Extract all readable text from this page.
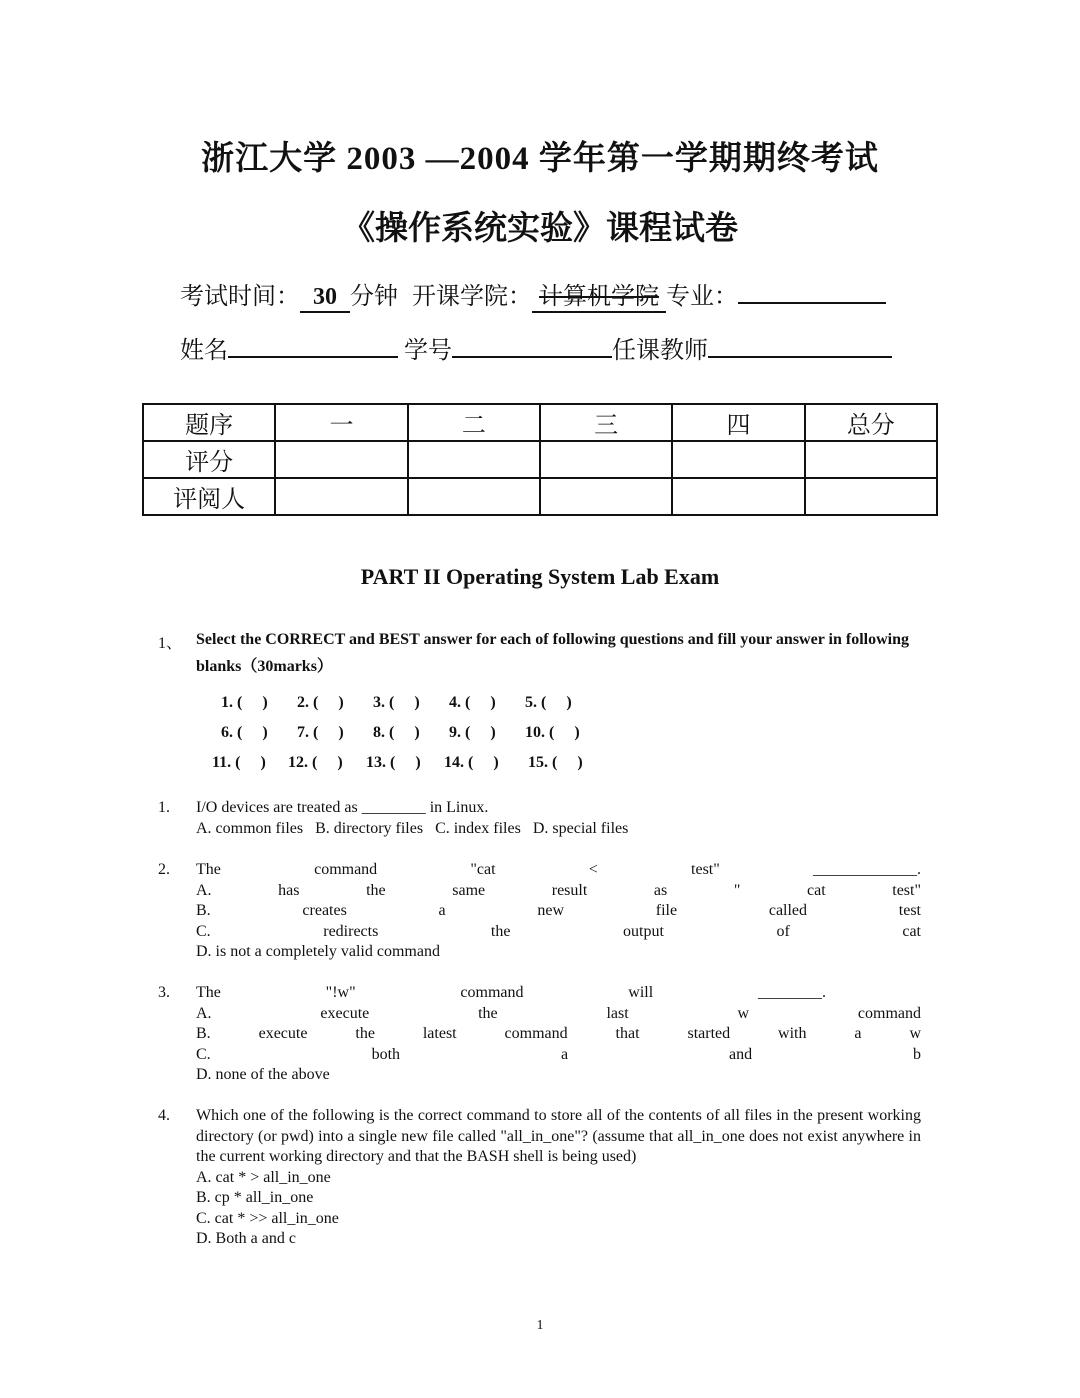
浙江大学 2003 —2004 学年第一学期期终考试
《操作系统实验》课程试卷
考试时间： 30 分钟 开课学院： 计算机学院 专业：
姓名	学号	任课教师
题序	一	二	三	四	总分
评分					
评阅人					
PART II Operating System Lab Exam
1、 Select the CORRECT and BEST answer for each of following questions and fill your answer in following blanks（30marks）

1. (     ) 2. (     ) 3. (     ) 4. (     ) 5. (     )

6. (     ) 7. (     ) 8. (     ) 9. (     ) 10. (     )

11. (     ) 12. (     ) 13. (     ) 14. (     ) 15. (     )

1. I/O devices are treated as ________ in Linux.
A. common files   B. directory files   C. index files   D. special files
2. The command "cat < test" _____________.
A. has the same result as " cat test"
B. creates a new file called test
C. redirects the output of cat
D. is not a completely valid command
3. The "!w" command will ________.
A. execute the last w command
B. execute the latest command that started with a w
C. both a and b
D. none of the above
4. Which one of the following is the correct command to store all of the contents of all files in the present working directory (or pwd) into a single new file called "all_in_one"? (assume that all_in_one does not exist anywhere in the current working directory and that the BASH shell is being used)
A. cat * > all_in_one
B. cp * all_in_one
C. cat * >> all_in_one
D. Both a and c
1
